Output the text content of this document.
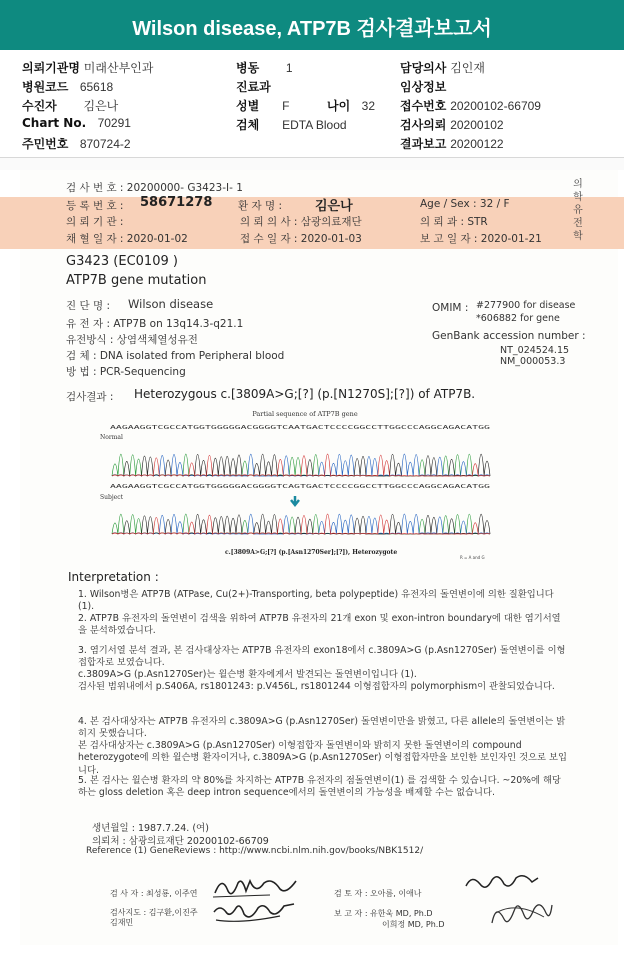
Wilson disease, ATP7B 검사결과보고서
의뢰기관명 미래산부인과	병동 1	담당의사 김인재
병원코드 65618	진료과	임상정보
수진자 김은나	성별 F	나이 32 접수번호 20200102-66709
Chart No. 70291	검체 EDTA Blood	검사의뢰 20200102
주민번호 870724-2	결과보고 20200122
의
학
유
전
학
검 사 번 호 : 20200000- G3423-I- 1
등 록 번 호 : 58671278 환 자 명 :	김은나	Age / Sex : 32 / F
의 뢰 기 관 :	의 뢰 의 사 : 삼광의료재단	의 뢰 과 : STR
채 혈 일 자 : 2020-01-02	접 수 일 자 : 2020-01-03	보 고 일 자 : 2020-01-21
G3423 (EC0109 )
ATP7B gene mutation
진 단 명 : Wilson disease
유 전 자 : ATP7B on 13q14.3-q21.1
유전방식 : 상염색체열성유전
검 체 : DNA isolated from Peripheral blood
방 법 : PCR-Sequencing
OMIM : #277900 for disease
*606882 for gene
GenBank accession number :
NT_024524.15
NM_000053.3
검사결과 : Heterozygous c.[3809A>G;[?] (p.[N1270S];[?]) of ATP7B.
Partial sequence of ATP7B gene
Normal
Subject
AAGAAGGTCGCCATGGTGGGGGACGGGGTCAATGACTCCCCGGCCTTGGCCCAGGCAGACATGG
AAGAAGGTCGCCATGGTGGGGGACGGGGTCAGTGACTCCCCGGCCTTGGCCCAGGCAGACATGG
c.[3809A>G;[?] (p.[Asn1270Ser];[?]), Heterozygote
R = A and G
Interpretation :
1. Wilson병은 ATP7B (ATPase, Cu(2+)-Transporting, beta polypeptide) 유전자의 돌연변이에 의한 질환입니다 (1).
2. ATP7B 유전자의 돌연변이 검색을 위하여 ATP7B 유전자의 21개 exon 및 exon-intron boundary에 대한 염기서열을 분석하였습니다.
3. 염기서열 분석 결과, 본 검사대상자는 ATP7B 유전자의 exon18에서 c.3809A>G (p.Asn1270Ser) 돌연변이를 이형접합자로 보였습니다.
c.3809A>G (p.Asn1270Ser)는 윌슨병 환자에게서 발견되는 돌연변이입니다 (1).
검사된 범위내에서 p.S406A, rs1801243: p.V456L, rs1801244 이형접합자의 polymorphism이 관찰되었습니다.
4. 본 검사대상자는 ATP7B 유전자의 c.3809A>G (p.Asn1270Ser) 돌연변이만을 밝혔고, 다른 allele의 돌연변이는 밝히지 못했습니다.
본 검사대상자는 c.3809A>G (p.Asn1270Ser) 이형접합자 돌연변이와 밝히지 못한 돌연변이의 compound heterozygote에 의한 윌슨병 환자이거나, c.3809A>G (p.Asn1270Ser) 이형접합자만을 보인한 보인자인 것으로 보입니다.
5. 본 검사는 윌슨병 환자의 약 80%를 차지하는 ATP7B 유전자의 점돌연변이(1) 를 검색할 수 있습니다. ~20%에 해당하는 gloss deletion 혹은 deep intron sequence에서의 돌연변이의 가능성을 배제할 수는 없습니다.
생년월일 : 1987.7.24. (여)
의뢰처 : 삼광의료재단 20200102-66709
Reference (1) GeneReviews : http://www.ncbi.nlm.nih.gov/books/NBK1512/
검 사 자 : 최성룡, 이주연	검 토 자 : 오아름, 이애나
검사지도 : 김구환,이진주
김재민
보 고 자 : 유한욱 MD, Ph.D
이희정 MD, Ph.D
